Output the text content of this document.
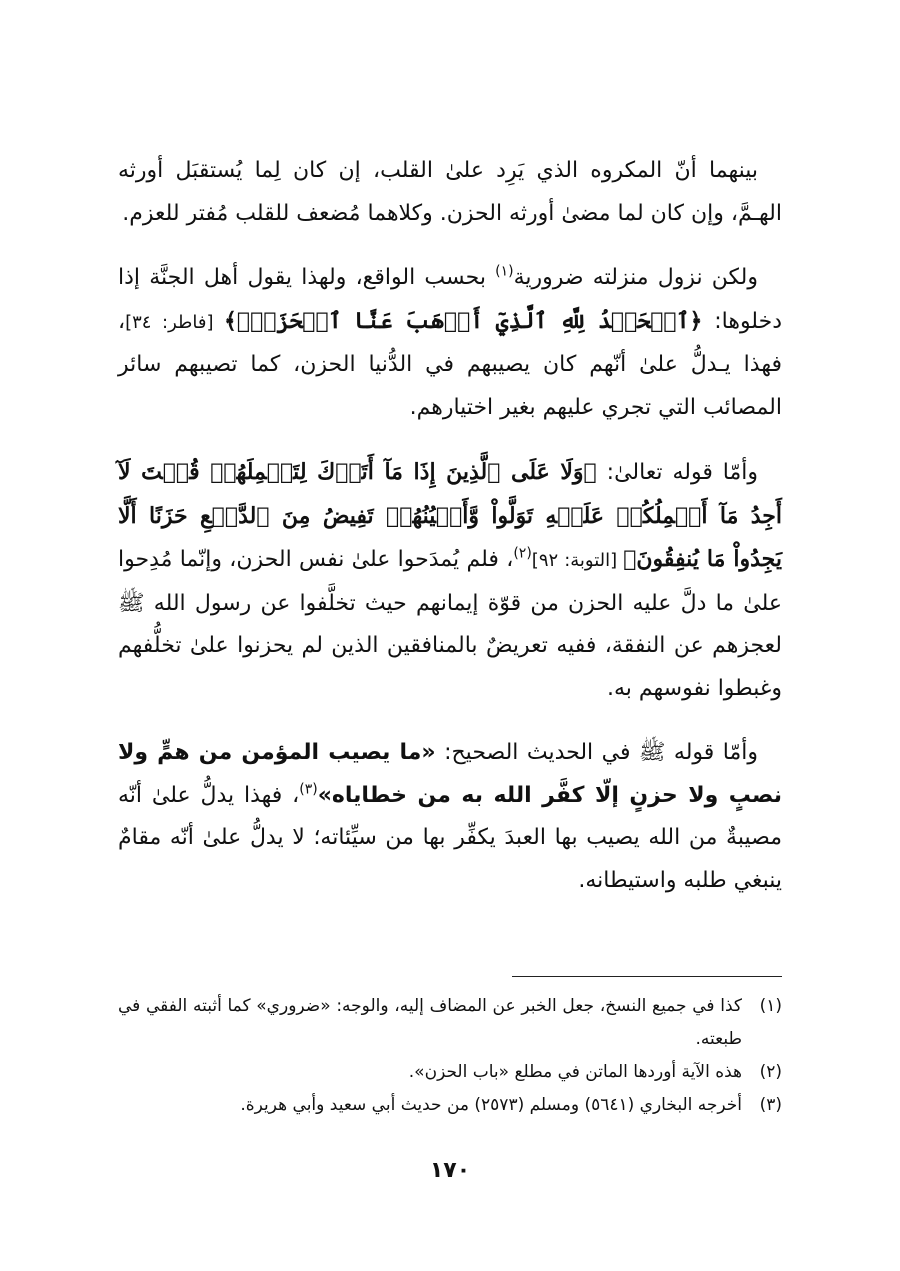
بينهما أنّ المكروه الذي يَرِد علىٰ القلب، إن كان لِما يُستقبَل أورثه الهـمَّ، وإن كان لما مضىٰ أورثه الحزن. وكلاهما مُضعف للقلب مُفتر للعزم.

ولكن نزول منزلته ضرورية$^{(١)}$ بحسب الواقع، ولهذا يقول أهل الجنَّة إذا دخلوها: ﴿ٱلۡحَمۡدُ لِلَّهِ ٱلَّذِيٓ أَذۡهَبَ عَنَّا ٱلۡحَزَنَۖ﴾ [فاطر: ٣٤]، فهذا يـدلُّ علىٰ أنّهم كان يصيبهم في الدُّنيا الحزن، كما تصيبهم سائر المصائب التي تجري عليهم بغير اختيارهم.

وأمّا قوله تعالىٰ: ﴿وَلَا عَلَى ٱلَّذِينَ إِذَا مَآ أَتَوۡكَ لِتَحۡمِلَهُمۡ قُلۡتَ لَآ أَجِدُ مَآ أَحۡمِلُكُمۡ عَلَيۡهِ تَوَلَّواْ وَّأَعۡيُنُهُمۡ تَفِيضُ مِنَ ٱلدَّمۡعِ حَزَنًا أَلَّا يَجِدُواْ مَا يُنفِقُونَ﴾ [التوبة: ٩٢]$^{(٢)}$، فلم يُمدَحوا علىٰ نفس الحزن، وإنّما مُدِحوا علىٰ ما دلَّ عليه الحزن من قوّة إيمانهم حيث تخلَّفوا عن رسول الله ﷺ لعجزهم عن النفقة، ففيه تعريضٌ بالمنافقين الذين لم يحزنوا علىٰ تخلُّفهم وغبطوا نفوسهم به.

وأمّا قوله ﷺ في الحديث الصحيح: «ما يصيب المؤمن من همٍّ ولا نصبٍ ولا حزنٍ إلّا كفَّر الله به من خطاياه»$^{(٣)}$، فهذا يدلُّ علىٰ أنّه مصيبةٌ من الله يصيب بها العبدَ يكفِّر بها من سيِّئاته؛ لا يدلُّ علىٰ أنّه مقامٌ ينبغي طلبه واستيطانه.

(١)
كذا في جميع النسخ، جعل الخبر عن المضاف إليه، والوجه: «ضروري» كما أثبته الفقي في طبعته.
(٢)
هذه الآية أوردها الماتن في مطلع «باب الحزن».
(٣)
أخرجه البخاري (٥٦٤١) ومسلم (٢٥٧٣) من حديث أبي سعيد وأبي هريرة.
١٧٠
